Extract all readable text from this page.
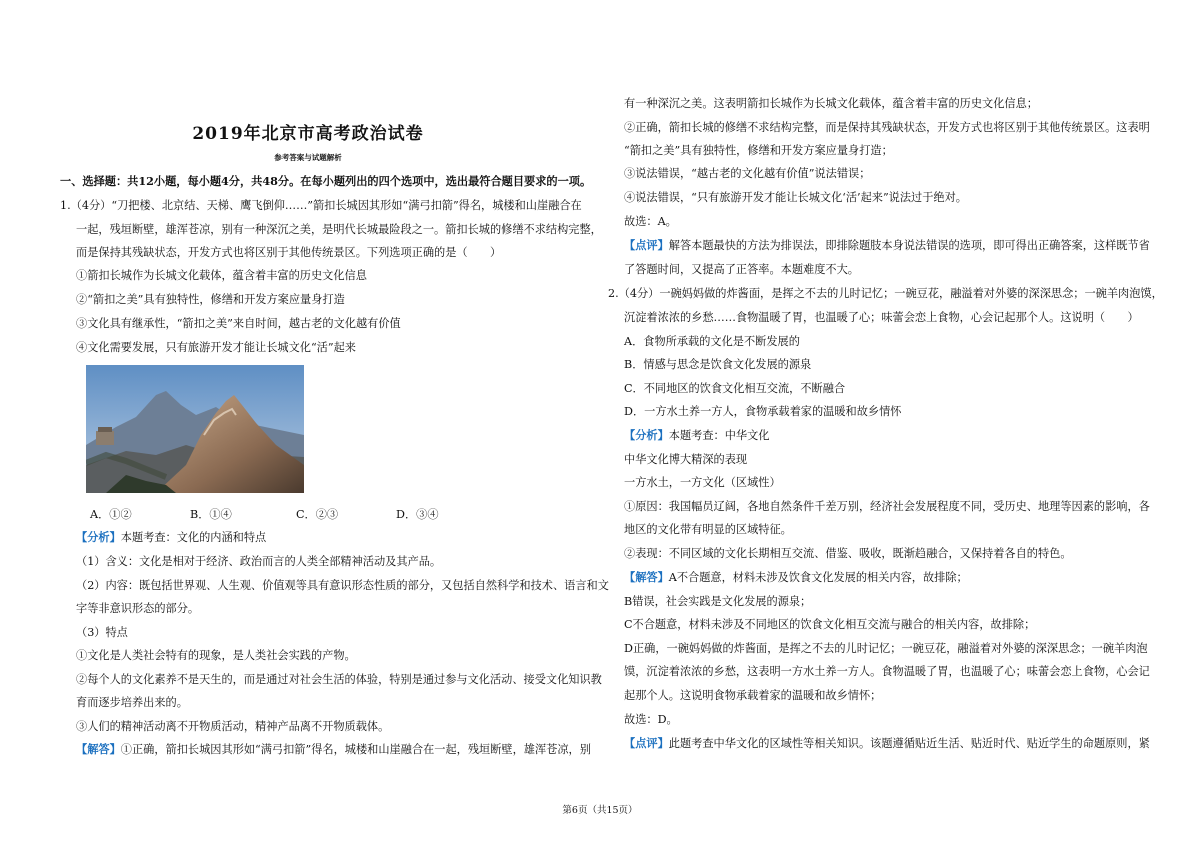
2019年北京市高考政治试卷
参考答案与试题解析
一、选择题：共12小题，每小题4分，共48分。在每小题列出的四个选项中，选出最符合题目要求的一项。
1.（4分）“刀把楼、北京结、天梯、鹰飞倒仰……”箭扣长城因其形如“满弓扣箭”得名，城楼和山崖融合在
一起，残垣断壁，雄浑苍凉，别有一种深沉之美，是明代长城最险段之一。箭扣长城的修缮不求结构完整，
而是保持其残缺状态，开发方式也将区别于其他传统景区。下列选项正确的是（　　）
①箭扣长城作为长城文化载体，蕴含着丰富的历史文化信息
②“箭扣之美”具有独特性，修缮和开发方案应量身打造
③文化具有继承性，“箭扣之美”来自时间，越古老的文化越有价值
④文化需要发展，只有旅游开发才能让长城文化“活”起来
A．①②	B．①④	C．②③	D．③④
【分析】本题考查：文化的内涵和特点
（1）含义：文化是相对于经济、政治而言的人类全部精神活动及其产品。
（2）内容：既包括世界观、人生观、价值观等具有意识形态性质的部分，又包括自然科学和技术、语言和文
字等非意识形态的部分。
（3）特点
①文化是人类社会特有的现象，是人类社会实践的产物。
②每个人的文化素养不是天生的，而是通过对社会生活的体验，特别是通过参与文化活动、接受文化知识教
育而逐步培养出来的。
③人们的精神活动离不开物质活动，精神产品离不开物质载体。
【解答】①正确，箭扣长城因其形如“满弓扣箭”得名，城楼和山崖融合在一起，残垣断壁，雄浑苍凉，别
有一种深沉之美。这表明箭扣长城作为长城文化载体，蕴含着丰富的历史文化信息；
②正确，箭扣长城的修缮不求结构完整，而是保持其残缺状态，开发方式也将区别于其他传统景区。这表明
“箭扣之美”具有独特性，修缮和开发方案应量身打造；
③说法错误，“越古老的文化越有价值”说法错误；
④说法错误，“只有旅游开发才能让长城文化‘活’起来”说法过于绝对。
故选：A。
【点评】解答本题最快的方法为排误法，即排除题肢本身说法错误的选项，即可得出正确答案，这样既节省
了答题时间，又提高了正答率。本题难度不大。
2.（4分）一碗妈妈做的炸酱面，是挥之不去的儿时记忆；一碗豆花，融溢着对外婆的深深思念；一碗羊肉泡馍，
沉淀着浓浓的乡愁……食物温暖了胃，也温暖了心；味蕾会恋上食物，心会记起那个人。这说明（　　）
A．食物所承载的文化是不断发展的
B．情感与思念是饮食文化发展的源泉
C．不同地区的饮食文化相互交流，不断融合
D．一方水土养一方人，食物承载着家的温暖和故乡情怀
【分析】本题考查：中华文化
中华文化博大精深的表现
一方水土，一方文化（区域性）
①原因：我国幅员辽阔，各地自然条件千差万别，经济社会发展程度不同，受历史、地理等因素的影响，各
地区的文化带有明显的区域特征。
②表现：不同区域的文化长期相互交流、借鉴、吸收，既渐趋融合，又保持着各自的特色。
【解答】A不合题意，材料未涉及饮食文化发展的相关内容，故排除；
B错误，社会实践是文化发展的源泉；
C不合题意，材料未涉及不同地区的饮食文化相互交流与融合的相关内容，故排除；
D正确，一碗妈妈做的炸酱面，是挥之不去的儿时记忆；一碗豆花，融溢着对外婆的深深思念；一碗羊肉泡
馍，沉淀着浓浓的乡愁，这表明一方水土养一方人。食物温暖了胃，也温暖了心；味蕾会恋上食物，心会记
起那个人。这说明食物承载着家的温暖和故乡情怀；
故选：D。
【点评】此题考查中华文化的区域性等相关知识。该题遵循贴近生活、贴近时代、贴近学生的命题原则，紧
第6页（共15页）
